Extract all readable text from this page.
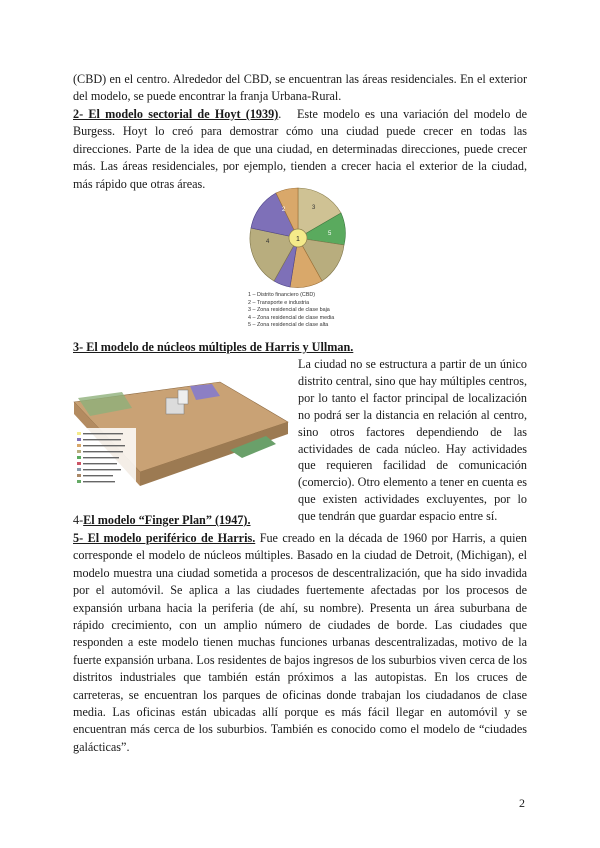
(CBD) en el centro. Alrededor del CBD, se encuentran las áreas residenciales. En el exterior del modelo, se puede encontrar la franja Urbana-Rural.

2- El modelo sectorial de Hoyt (1939). Este modelo es una variación del modelo de Burgess. Hoyt lo creó para demostrar cómo una ciudad puede crecer en todas las direcciones. Parte de la idea de que una ciudad, en determinadas direcciones, puede crecer más. Las áreas residenciales, por ejemplo, tienden a crecer hacia el exterior de la ciudad, más rápido que otras áreas.

1
2	3
4
5
1 – Distrito financiero (CBD)
2 – Transporte e industria
3 – Zona residencial de clase baja
4 – Zona residencial de clase media
5 – Zona residencial de clase alta

3- El modelo de núcleos múltiples de Harris y Ullman.

La ciudad no se estructura a partir de un único distrito central, sino que hay múltiples centros, por lo tanto el factor principal de localización no podrá ser la distancia en relación al centro, sino otros factores dependiendo de las actividades de cada núcleo. Hay actividades que requieren facilidad de comunicación (comercio). Otro elemento a tener en cuenta es que existen actividades excluyentes, por lo que tendrán que guardar espacio entre sí.

4-El modelo “Finger Plan” (1947).

5- El modelo periférico de Harris. Fue creado en la década de 1960 por Harris, a quien corresponde el modelo de núcleos múltiples. Basado en la ciudad de Detroit, (Michigan), el modelo muestra una ciudad sometida a procesos de descentralización, que ha sido invadida por el automóvil. Se aplica a las ciudades fuertemente afectadas por los procesos de expansión urbana hacia la periferia (de ahí, su nombre). Presenta un área suburbana de rápido crecimiento, con un amplio número de ciudades de borde. Las ciudades que responden a este modelo tienen muchas funciones urbanas descentralizadas, motivo de la fuerte expansión urbana. Los residentes de bajos ingresos de los suburbios viven cerca de los distritos industriales que también están próximos a las autopistas. En los cruces de carreteras, se encuentran los parques de oficinas donde trabajan los ciudadanos de clase media. Las oficinas están ubicadas allí porque es más fácil llegar en automóvil y se encuentran más cerca de los suburbios. También es conocido como el modelo de “ciudades galácticas”.

2
